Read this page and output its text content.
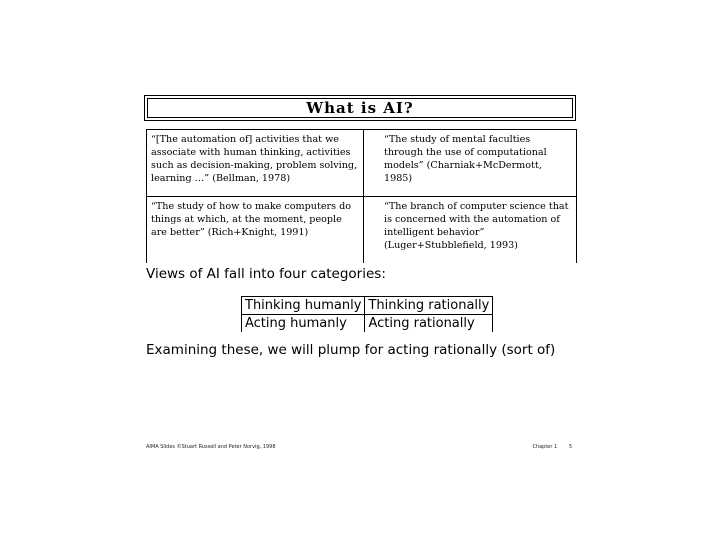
What is AI?
“[The automation of] activities that we associate with human thinking, activities such as decision-making, problem solving, learning …” (Bellman, 1978)	“The study of mental faculties through the use of computational models” (Charniak+McDermott, 1985)
“The study of how to make computers do things at which, at the moment, people are better” (Rich+Knight, 1991)	“The branch of computer science that is concerned with the automation of intelligent behavior” (Luger+Stubblefield, 1993)
Views of AI fall into four categories:
Thinking humanly	Thinking rationally
Acting humanly	Acting rationally
Examining these, we will plump for acting rationally (sort of)
AIMA Slides ©Stuart Russell and Peter Norvig, 1998	Chapter 1 5
